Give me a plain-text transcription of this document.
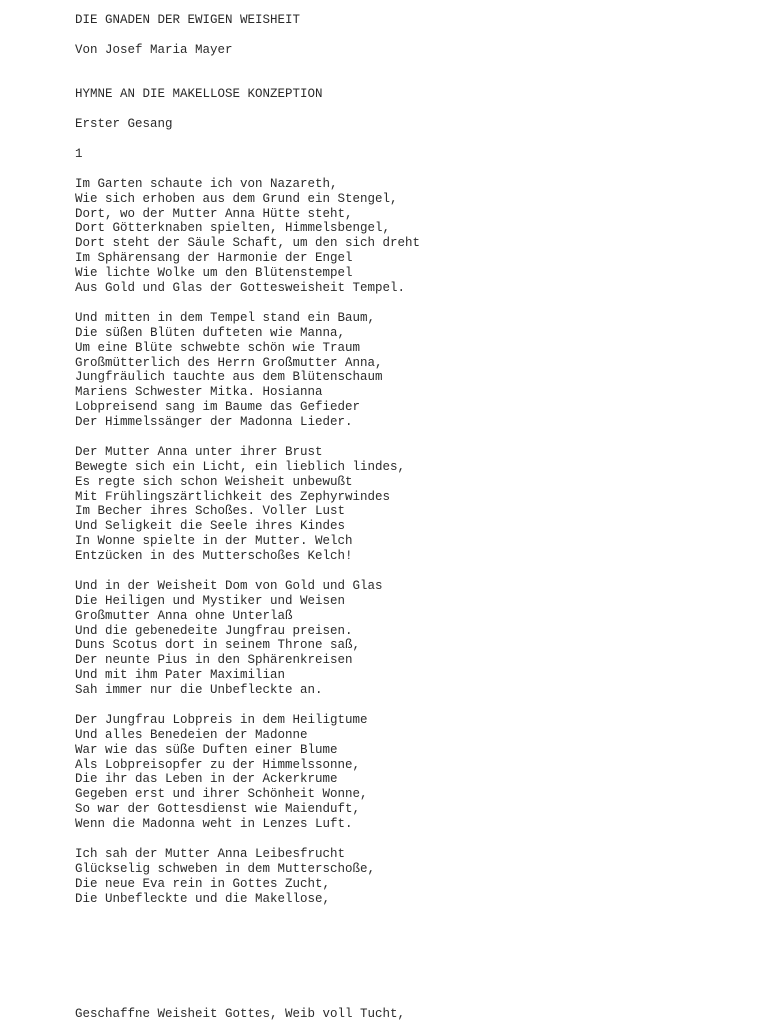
DIE GNADEN DER EWIGEN WEISHEIT
Von Josef Maria Mayer
HYMNE AN DIE MAKELLOSE KONZEPTION
Erster Gesang
1
Im Garten schaute ich von Nazareth,
Wie sich erhoben aus dem Grund ein Stengel,
Dort, wo der Mutter Anna Hütte steht,
Dort Götterknaben spielten, Himmelsbengel,
Dort steht der Säule Schaft, um den sich dreht
Im Sphärensang der Harmonie der Engel
Wie lichte Wolke um den Blütenstempel
Aus Gold und Glas der Gottesweisheit Tempel.
Und mitten in dem Tempel stand ein Baum,
Die süßen Blüten dufteten wie Manna,
Um eine Blüte schwebte schön wie Traum
Großmütterlich des Herrn Großmutter Anna,
Jungfräulich tauchte aus dem Blütenschaum
Mariens Schwester Mitka. Hosianna
Lobpreisend sang im Baume das Gefieder
Der Himmelssänger der Madonna Lieder.
Der Mutter Anna unter ihrer Brust
Bewegte sich ein Licht, ein lieblich lindes,
Es regte sich schon Weisheit unbewußt
Mit Frühlingszärtlichkeit des Zephyrwindes
Im Becher ihres Schoßes. Voller Lust
Und Seligkeit die Seele ihres Kindes
In Wonne spielte in der Mutter. Welch
Entzücken in des Mutterschoßes Kelch!
Und in der Weisheit Dom von Gold und Glas
Die Heiligen und Mystiker und Weisen
Großmutter Anna ohne Unterlaß
Und die gebenedeite Jungfrau preisen.
Duns Scotus dort in seinem Throne saß,
Der neunte Pius in den Sphärenkreisen
Und mit ihm Pater Maximilian
Sah immer nur die Unbefleckte an.
Der Jungfrau Lobpreis in dem Heiligtume
Und alles Benedeien der Madonne
War wie das süße Duften einer Blume
Als Lobpreisopfer zu der Himmelssonne,
Die ihr das Leben in der Ackerkrume
Gegeben erst und ihrer Schönheit Wonne,
So war der Gottesdienst wie Maienduft,
Wenn die Madonna weht in Lenzes Luft.
Ich sah der Mutter Anna Leibesfrucht
Glückselig schweben in dem Mutterschoße,
Die neue Eva rein in Gottes Zucht,
Die Unbefleckte und die Makellose,
Geschaffne Weisheit Gottes, Weib voll Tucht,
